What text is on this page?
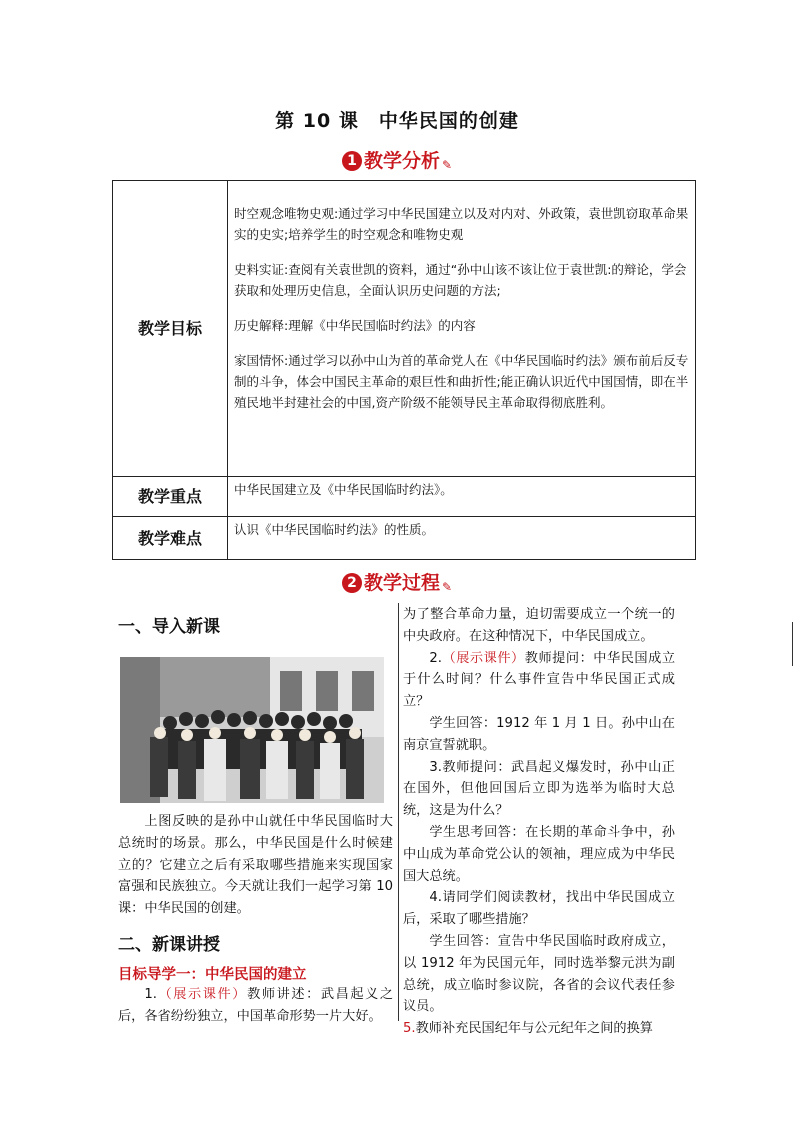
第 10 课　中华民国的创建
1 教学分析 ✎
教学目标	时空观念唯物史观:通过学习中华民国建立以及对内对、外政策，袁世凯窃取革命果实的史实;培养学生的时空观念和唯物史观

史料实证:查阅有关袁世凯的资料，通过“孙中山该不该让位于袁世凯:的辩论，学会获取和处理历史信息，全面认识历史问题的方法;

历史解释:理解《中华民国临时约法》的内容

家国情怀:通过学习以孙中山为首的革命党人在《中华民国临时约法》颁布前后反专制的斗争，体会中国民主革命的艰巨性和曲折性;能正确认识近代中国国情，即在半殖民地半封建社会的中国,资产阶级不能领导民主革命取得彻底胜利。

教学重点	中华民国建立及《中华民国临时约法》。
教学难点	认识《中华民国临时约法》的性质。
2 教学过程 ✎

一、导入新课

上图反映的是孙中山就任中华民国临时大总统时的场景。那么，中华民国是什么时候建立的？它建立之后有采取哪些措施来实现国家富强和民族独立。今天就让我们一起学习第 10 课：中华民国的创建。

二、新课讲授

目标导学一：中华民国的建立

1.（展示课件）教师讲述：武昌起义之后，各省纷纷独立，中国革命形势一片大好。

为了整合革命力量，迫切需要成立一个统一的中央政府。在这种情况下，中华民国成立。

2.（展示课件）教师提问：中华民国成立于什么时间？什么事件宣告中华民国正式成立？

学生回答：1912 年 1 月 1 日。孙中山在南京宣誓就职。

3.教师提问：武昌起义爆发时，孙中山正在国外，但他回国后立即为选举为临时大总统，这是为什么？

学生思考回答：在长期的革命斗争中，孙中山成为革命党公认的领袖，理应成为中华民国大总统。

4.请同学们阅读教材，找出中华民国成立后，采取了哪些措施？

学生回答：宣告中华民国临时政府成立，以 1912 年为民国元年，同时选举黎元洪为副总统，成立临时参议院，各省的会议代表任参议员。

5.教师补充民国纪年与公元纪年之间的换算
